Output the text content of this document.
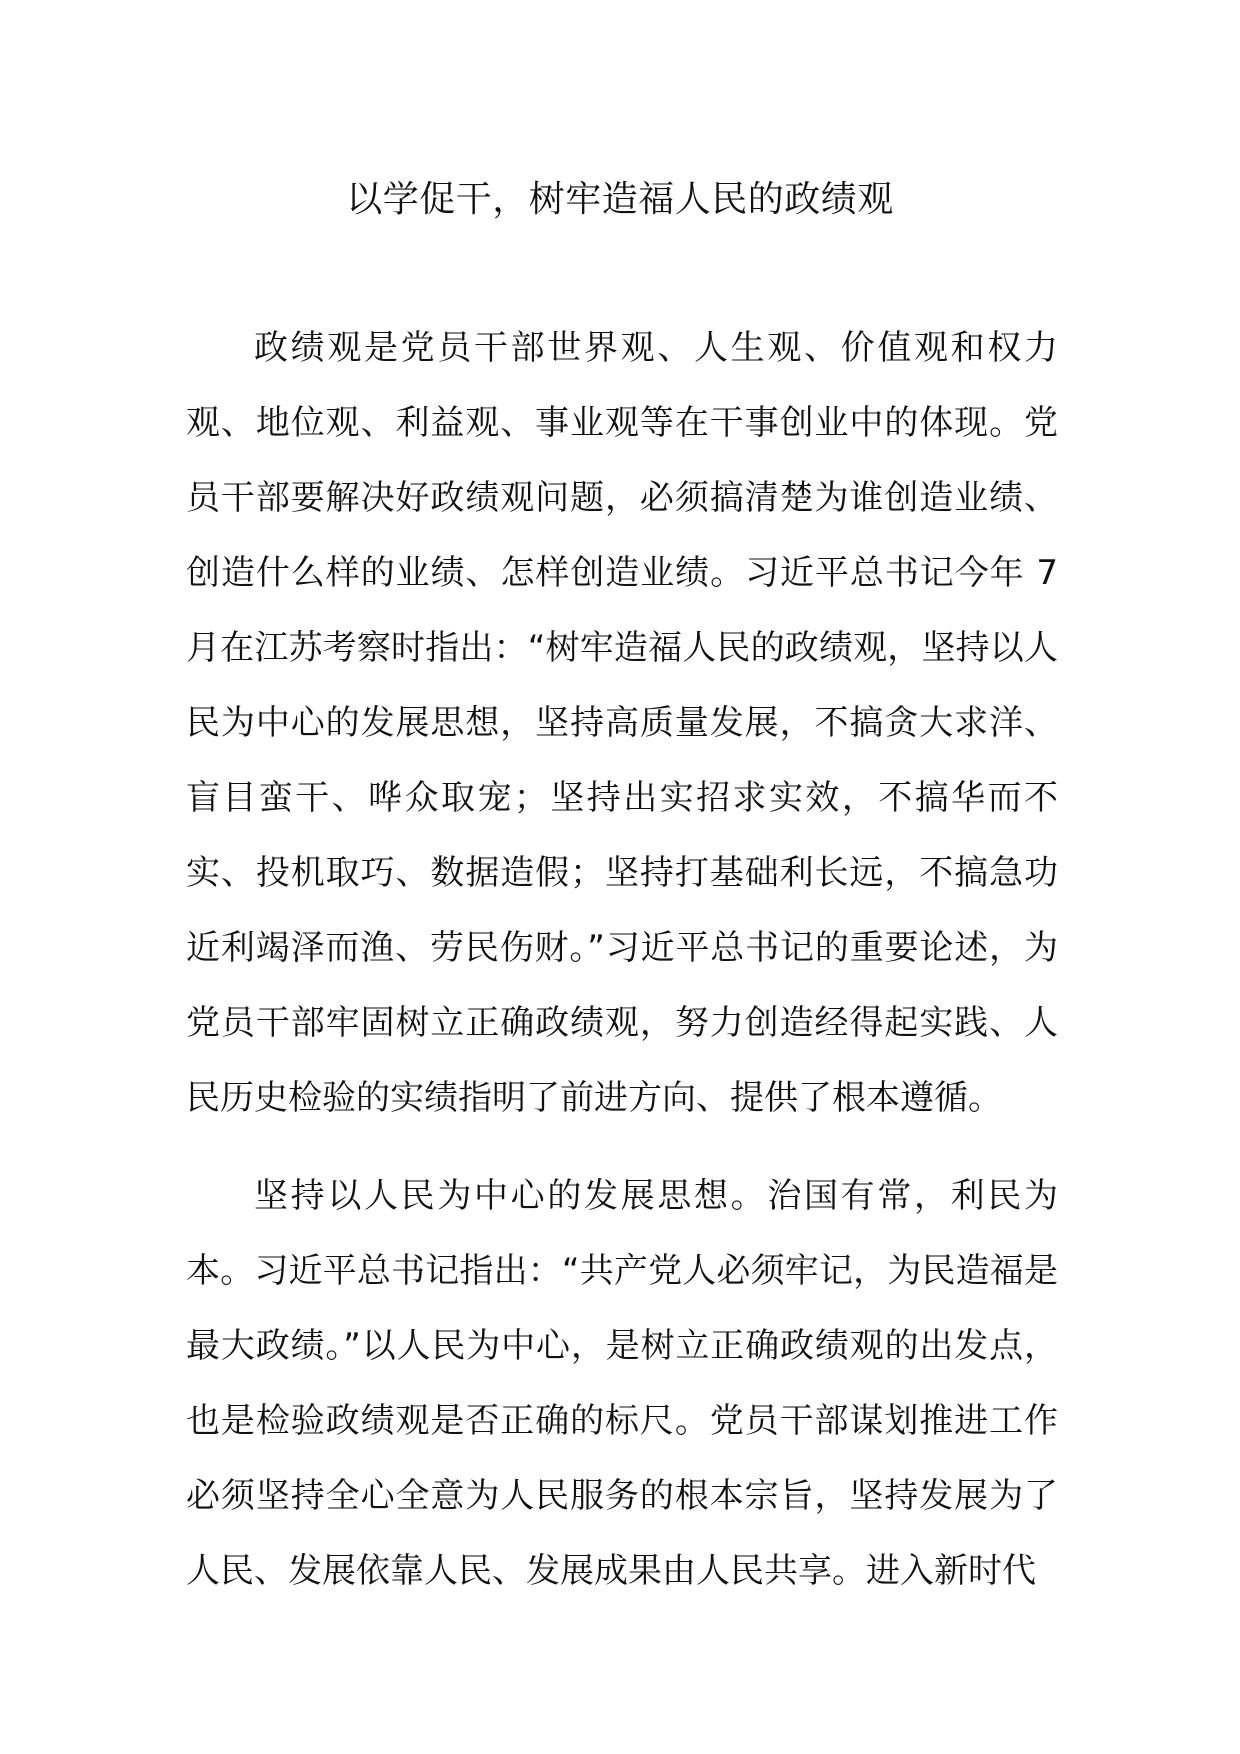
以学促干，树牢造福人民的政绩观

政绩观是党员干部世界观、人生观、价值观和权力观、地位观、利益观、事业观等在干事创业中的体现。党员干部要解决好政绩观问题，必须搞清楚为谁创造业绩、创造什么样的业绩、怎样创造业绩。习近平总书记今年 7 月在江苏考察时指出：“树牢造福人民的政绩观，坚持以人民为中心的发展思想，坚持高质量发展，不搞贪大求洋、盲目蛮干、哗众取宠；坚持出实招求实效，不搞华而不实、投机取巧、数据造假；坚持打基础利长远，不搞急功近利竭泽而渔、劳民伤财。”习近平总书记的重要论述，为党员干部牢固树立正确政绩观，努力创造经得起实践、人民历史检验的实绩指明了前进方向、提供了根本遵循。

坚持以人民为中心的发展思想。治国有常，利民为本。习近平总书记指出：“共产党人必须牢记，为民造福是最大政绩。”以人民为中心，是树立正确政绩观的出发点，也是检验政绩观是否正确的标尺。党员干部谋划推进工作必须坚持全心全意为人民服务的根本宗旨，坚持发展为了人民、发展依靠人民、发展成果由人民共享。进入新时代
